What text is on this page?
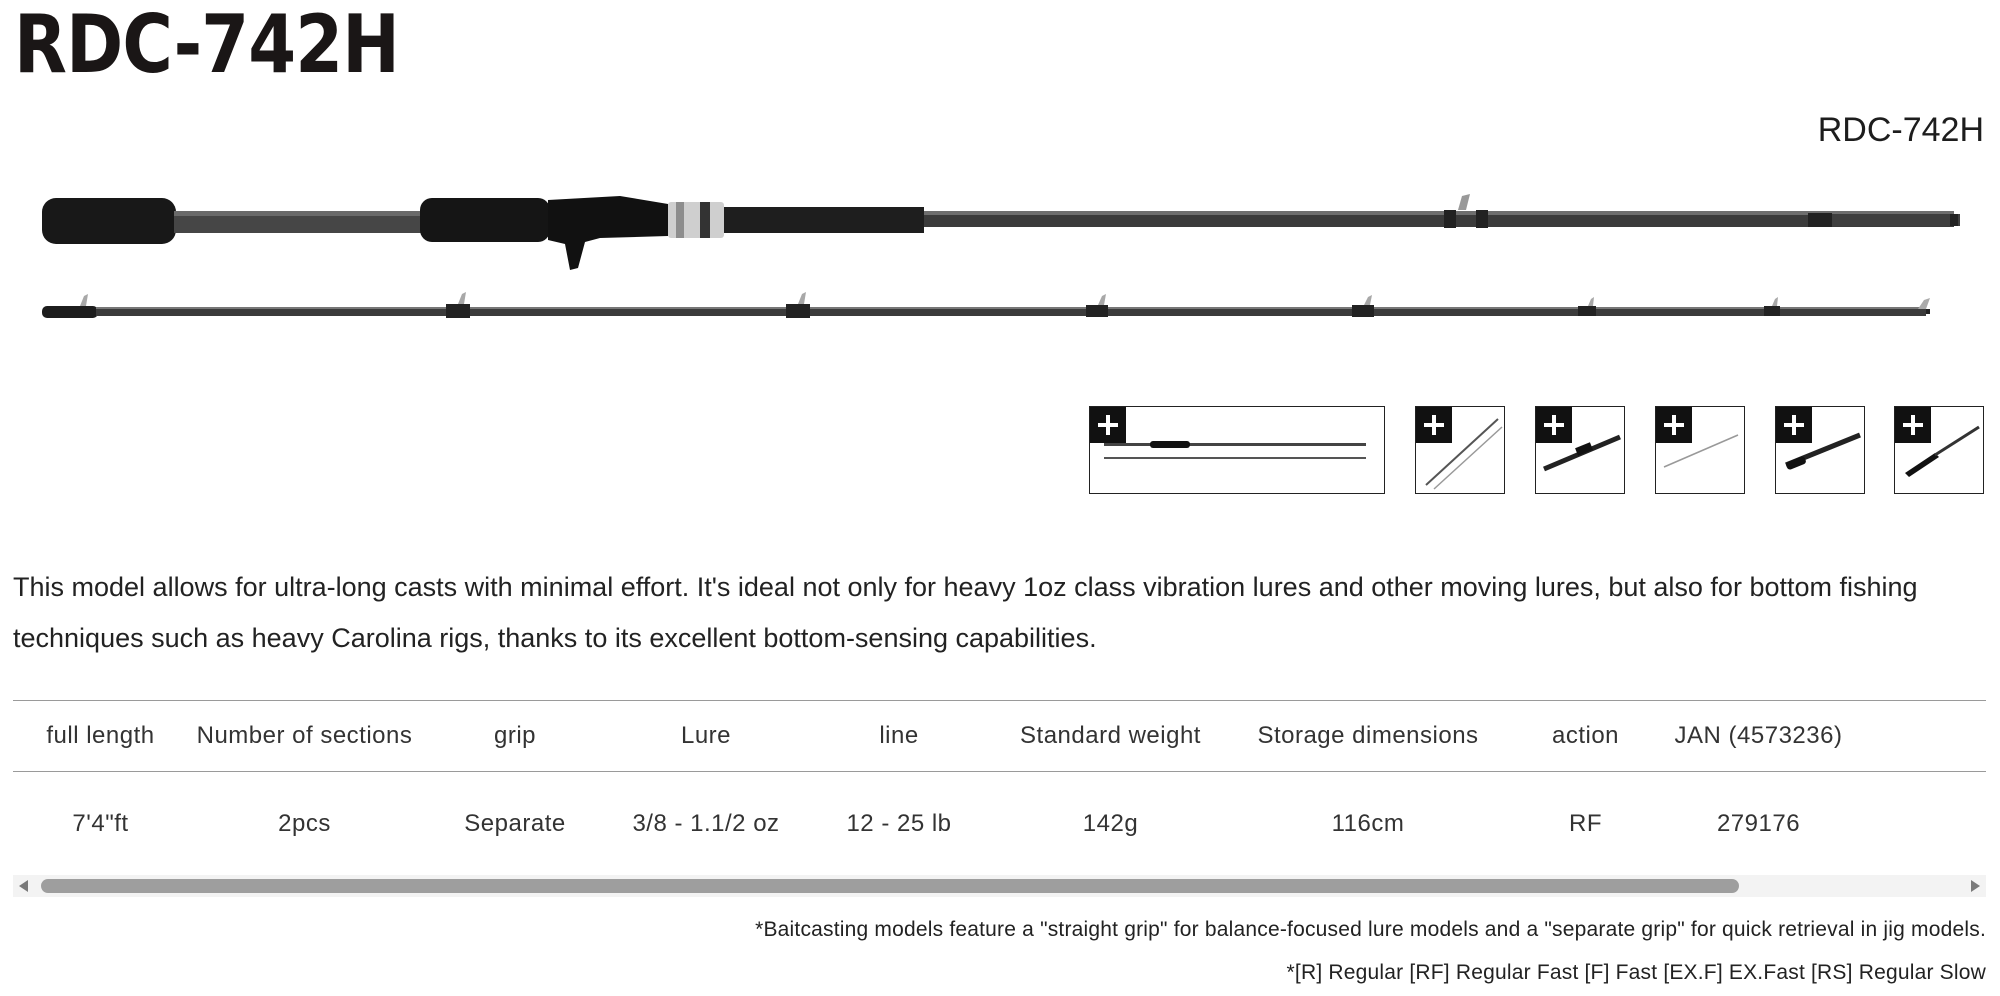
RDC-742H
RDC-742H

This model allows for ultra-long casts with minimal effort. It's ideal not only for heavy 1oz class vibration lures and other moving lures, but also for bottom fishing techniques such as heavy Carolina rigs, thanks to its excellent bottom-sensing capabilities.

full length	Number of sections	grip	Lure	line	Standard weight	Storage dimensions	action	JAN (4573236)	
7'4"ft	2pcs	Separate	3/8 - 1.1/2 oz	12 - 25 lb	142g	116cm	RF	279176	
*Baitcasting models feature a "straight grip" for balance-focused lure models and a "separate grip" for quick retrieval in jig models.
*[R] Regular [RF] Regular Fast [F] Fast [EX.F] EX.Fast [RS] Regular Slow
